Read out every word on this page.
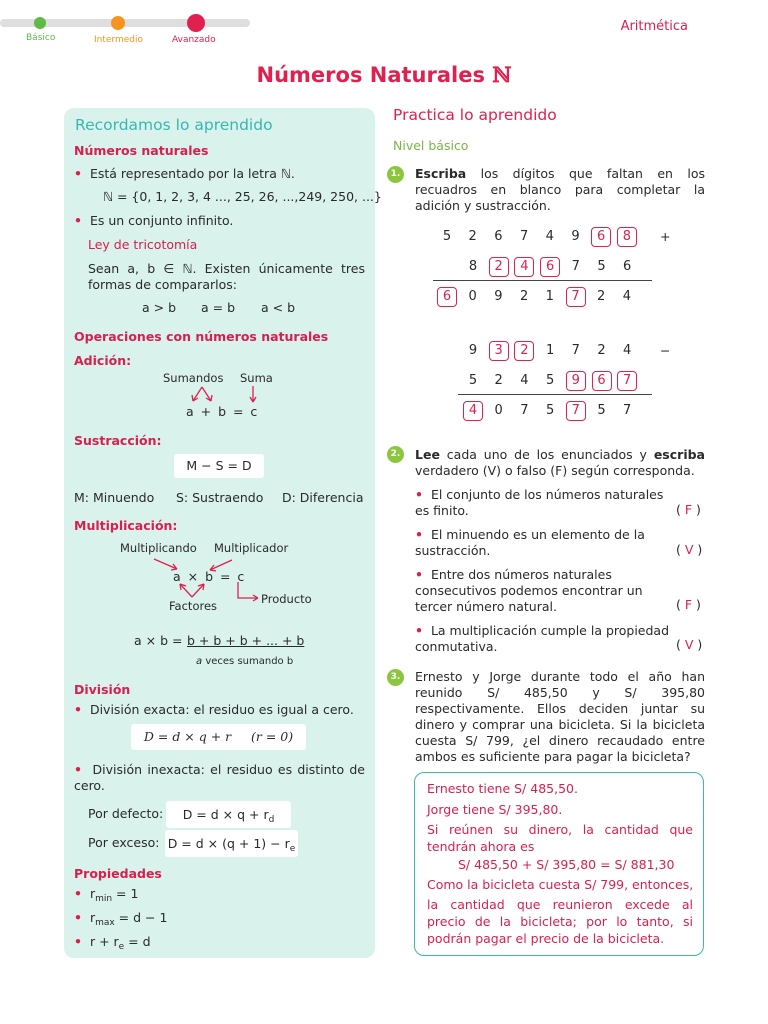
Básico	Intermedio	Avanzado
Aritmética
Números Naturales ℕ
Recordamos lo aprendido
Números naturales
• Está representado por la letra ℕ.
ℕ = {0, 1, 2, 3, 4 ..., 25, 26, ...,249, 250, ...}
• Es un conjunto infinito.
Ley de tricotomía
Sean a, b ∈ ℕ. Existen únicamente tres formas de compararlos:
a > b a = b a < b
Operaciones con números naturales
Adición:
Sumandos Suma
a + b = c
Sustracción:
M − S = D
M: Minuendo S: Sustraendo D: Diferencia
Multiplicación:
Multiplicando Multiplicador
a × b = c
Factores	Producto
a × b = b + b + b + ... + b
a veces sumando b
División
• División exacta: el residuo es igual a cero.
D = d × q + r     (r = 0)
• División inexacta: el residuo es distinto de cero.
Por defecto:	$D = d \times q + r_d$
Por exceso: $D = d \times (q + 1) - r_e$
Propiedades
• $r_{min} = 1$
• $r_{max} = d - 1$
• $r + r_e = d$
Practica lo aprendido
Nivel básico
1. Escriba los dígitos que faltan en los recuadros en blanco para completar la adición y sustracción.
5	2	6	7	4	9	6	8
8	2	4	6	7	5	6
6	0	9	2	1	7	2	4
+
9	3	2	1	7	2	4
5	2	4	5	9	6	7
4	0	7	5	7	5	7
−
2. Lee cada uno de los enunciados y escriba verdadero (V) o falso (F) según corresponda.
• El conjunto de los números naturales es finito.	( F )
• El minuendo es un elemento de la sustracción.	( V )
• Entre dos números naturales consecutivos podemos encontrar un tercer número natural.	( F )
• La multiplicación cumple la propiedad conmutativa.	( V )
3. Ernesto y Jorge durante todo el año han reunido S/ 485,50 y S/ 395,80 respectivamente. Ellos deciden juntar su dinero y comprar una bicicleta. Si la bicicleta cuesta S/ 799, ¿el dinero recaudado entre ambos es suficiente para pagar la bicicleta?
Ernesto tiene S/ 485,50.
Jorge tiene S/ 395,80.
Si reúnen su dinero, la cantidad que tendrán ahora es
S/ 485,50 + S/ 395,80 = S/ 881,30
Como la bicicleta cuesta S/ 799, entonces,
la cantidad que reunieron excede al precio de la bicicleta; por lo tanto, si podrán pagar el precio de la bicicleta.
